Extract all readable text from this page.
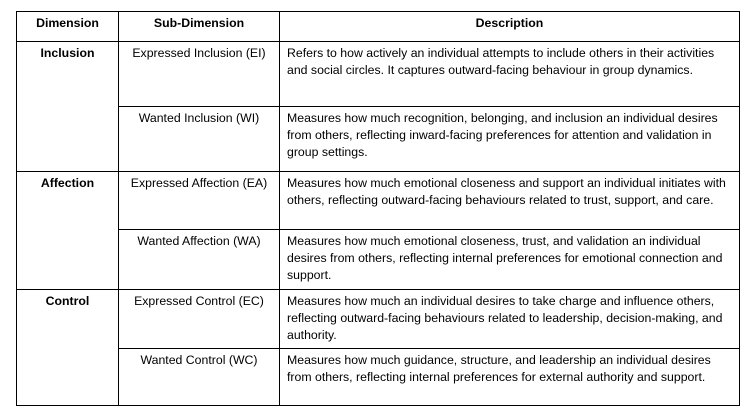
Dimension	Sub-Dimension	Description
Inclusion	Expressed Inclusion (EI)	Refers to how actively an individual attempts to include others in their activities and social circles. It captures outward-facing behaviour in group dynamics.
	Wanted Inclusion (WI)	Measures how much recognition, belonging, and inclusion an individual desires from others, reflecting inward-facing preferences for attention and validation in group settings.
Affection	Expressed Affection (EA)	Measures how much emotional closeness and support an individual initiates with others, reflecting outward-facing behaviours related to trust, support, and care.
	Wanted Affection (WA)	Measures how much emotional closeness, trust, and validation an individual desires from others, reflecting internal preferences for emotional connection and support.
Control	Expressed Control (EC)	Measures how much an individual desires to take charge and influence others, reflecting outward-facing behaviours related to leadership, decision-making, and authority.
	Wanted Control (WC)	Measures how much guidance, structure, and leadership an individual desires from others, reflecting internal preferences for external authority and support.
